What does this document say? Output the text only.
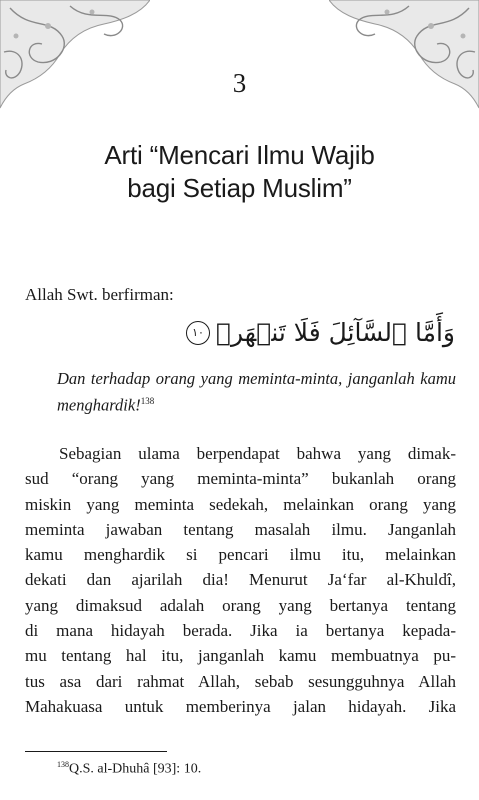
3
Arti “Mencari Ilmu Wajib
bagi Setiap Muslim”
Allah Swt. berfirman:
وَأَمَّا ٱلسَّآئِلَ فَلَا تَنۡهَرۡ
١٠
Dan terhadap orang yang meminta-minta, janganlah kamu menghardik!$^{138}$
Sebagian ulama berpendapat bahwa yang dimak-
sud “orang yang meminta-minta” bukanlah orang
miskin yang meminta sedekah, melainkan orang yang
meminta jawaban tentang masalah ilmu. Janganlah
kamu menghardik si pencari ilmu itu, melainkan
dekati dan ajarilah dia! Menurut Ja‘far al-Khuldî,
yang dimaksud adalah orang yang bertanya tentang
di mana hidayah berada. Jika ia bertanya kepada-
mu tentang hal itu, janganlah kamu membuatnya pu-
tus asa dari rahmat Allah, sebab sesungguhnya Allah
Mahakuasa untuk memberinya jalan hidayah. Jika
$^{138}$Q.S. al-Dhuhâ [93]: 10.
